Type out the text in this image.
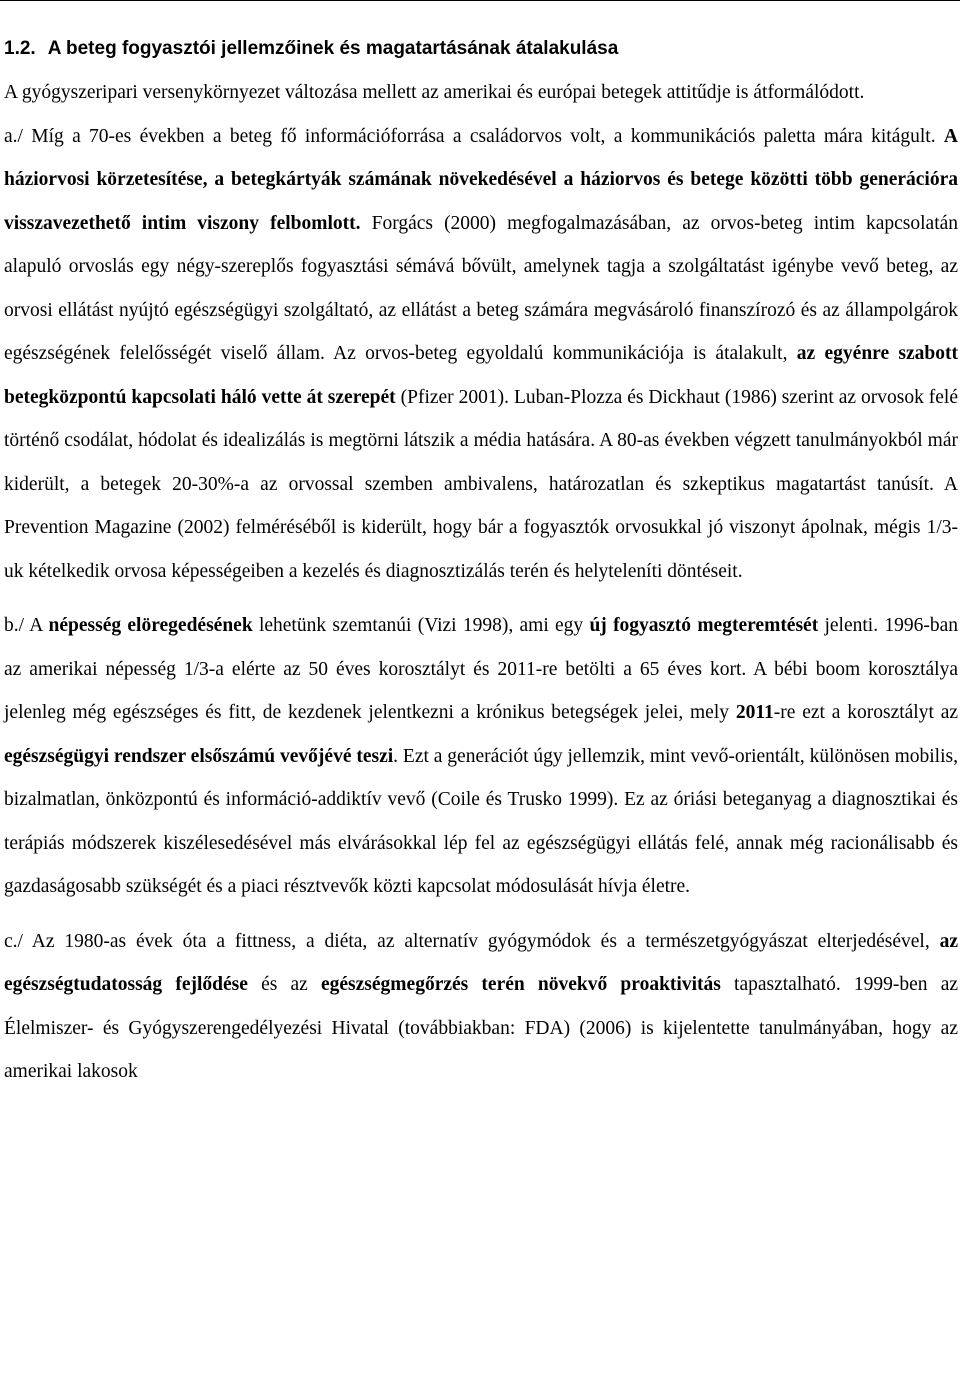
1.2. A beteg fogyasztói jellemzőinek és magatartásának átalakulása

A gyógyszeripari versenykörnyezet változása mellett az amerikai és európai betegek attitűdje is átformálódott.

a./ Míg a 70-es években a beteg fő információforrása a családorvos volt, a kommunikációs paletta mára kitágult. A háziorvosi körzetesítése, a betegkártyák számának növekedésével a háziorvos és betege közötti több generációra visszavezethető intim viszony felbomlott. Forgács (2000) megfogalmazásában, az orvos-beteg intim kapcsolatán alapuló orvoslás egy négy-szereplős fogyasztási sémává bővült, amelynek tagja a szolgáltatást igénybe vevő beteg, az orvosi ellátást nyújtó egészségügyi szolgáltató, az ellátást a beteg számára megvásároló finanszírozó és az állampolgárok egészségének felelősségét viselő állam. Az orvos-beteg egyoldalú kommunikációja is átalakult, az egyénre szabott betegközpontú kapcsolati háló vette át szerepét (Pfizer 2001). Luban-Plozza és Dickhaut (1986) szerint az orvosok felé történő csodálat, hódolat és idealizálás is megtörni látszik a média hatására. A 80-as években végzett tanulmányokból már kiderült, a betegek 20-30%-a az orvossal szemben ambivalens, határozatlan és szkeptikus magatartást tanúsít. A Prevention Magazine (2002) felméréséből is kiderült, hogy bár a fogyasztók orvosukkal jó viszonyt ápolnak, mégis 1/3-uk kételkedik orvosa képességeiben a kezelés és diagnosztizálás terén és helyteleníti döntéseit.

b./ A népesség elöregedésének lehetünk szemtanúi (Vizi 1998), ami egy új fogyasztó megteremtését jelenti. 1996-ban az amerikai népesség 1/3-a elérte az 50 éves korosztályt és 2011-re betölti a 65 éves kort. A bébi boom korosztálya jelenleg még egészséges és fitt, de kezdenek jelentkezni a krónikus betegségek jelei, mely 2011-re ezt a korosztályt az egészségügyi rendszer elsőszámú vevőjévé teszi. Ezt a generációt úgy jellemzik, mint vevő-orientált, különösen mobilis, bizalmatlan, önközpontú és információ-addiktív vevő (Coile és Trusko 1999). Ez az óriási beteganyag a diagnosztikai és terápiás módszerek kiszélesedésével más elvárásokkal lép fel az egészségügyi ellátás felé, annak még racionálisabb és gazdaságosabb szükségét és a piaci résztvevők közti kapcsolat módosulását hívja életre.

c./ Az 1980-as évek óta a fittness, a diéta, az alternatív gyógymódok és a természetgyógyászat elterjedésével, az egészségtudatosság fejlődése és az egészségmegőrzés terén növekvő proaktivitás tapasztalható. 1999-ben az Élelmiszer- és Gyógyszerengedélyezési Hivatal (továbbiakban: FDA) (2006) is kijelentette tanulmányában, hogy az amerikai lakosok
